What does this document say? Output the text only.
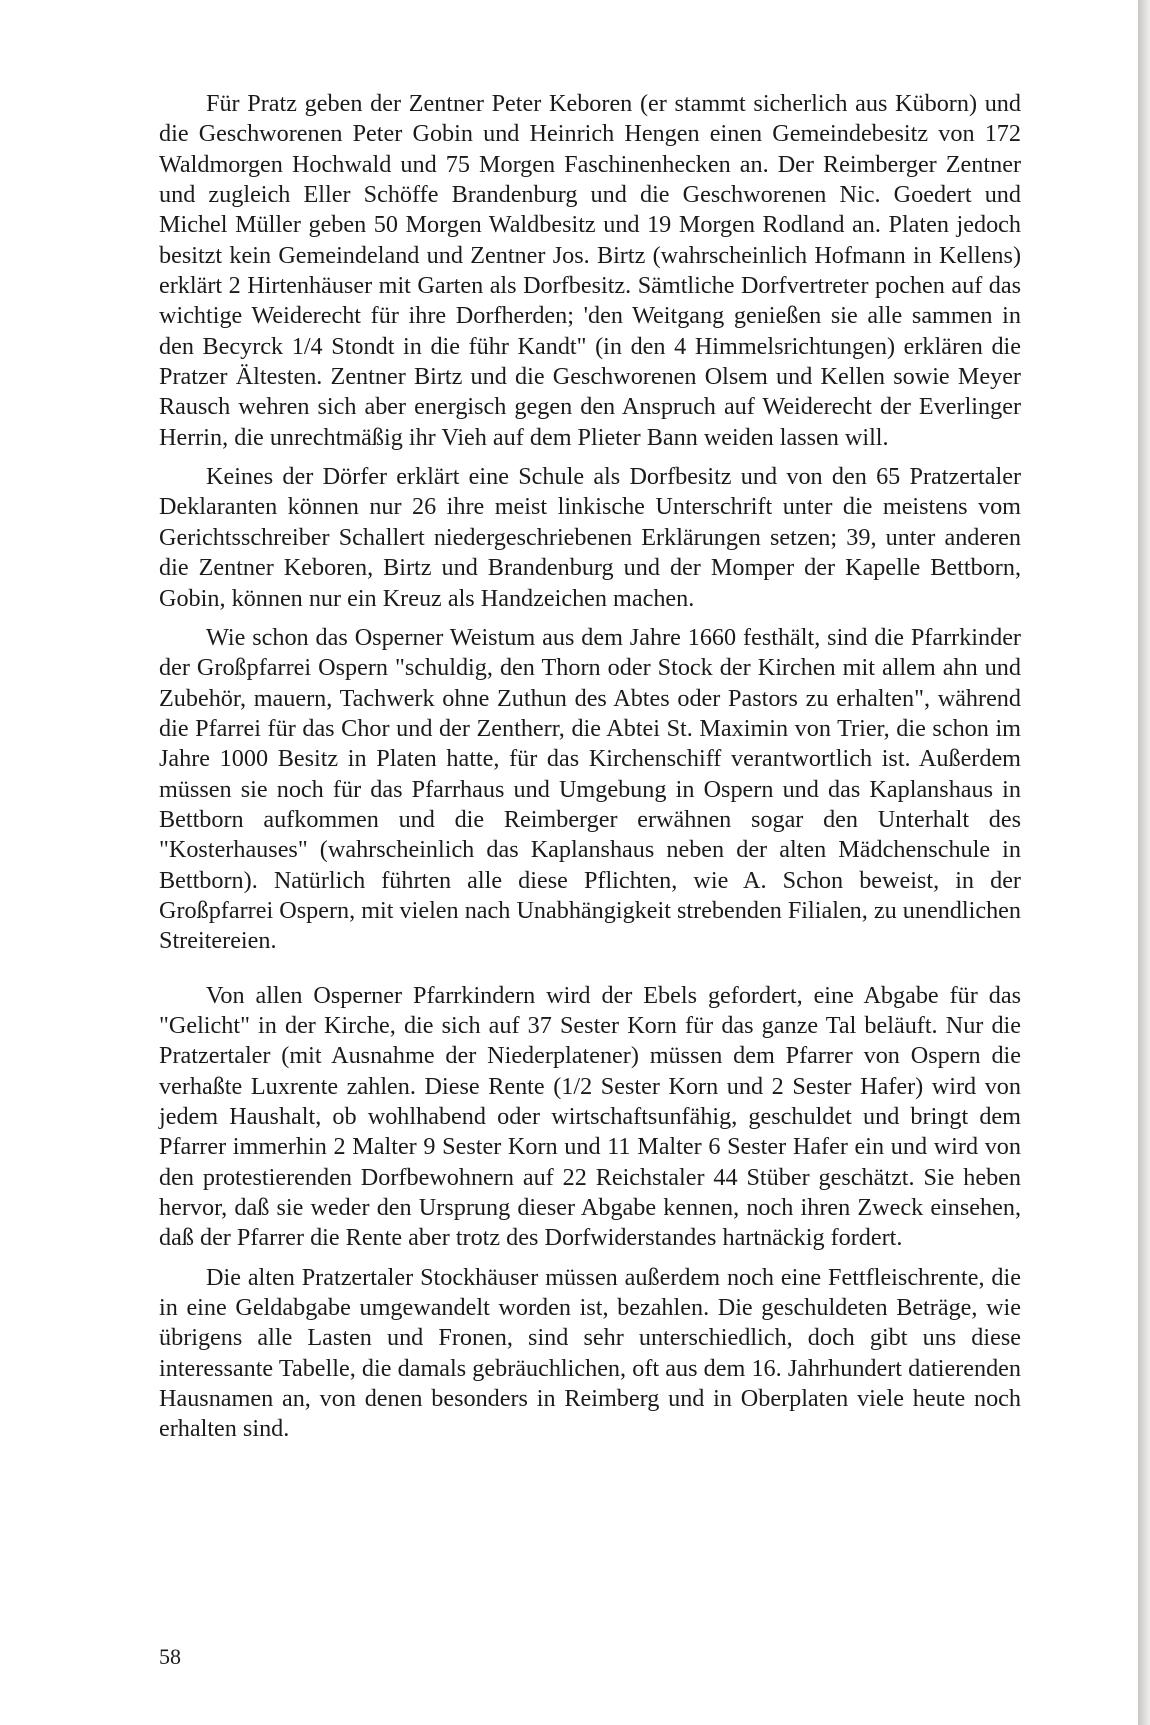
Für Pratz geben der Zentner Peter Keboren (er stammt sicherlich aus Küborn) und die Geschworenen Peter Gobin und Heinrich Hengen einen Gemeindebesitz von 172 Waldmorgen Hochwald und 75 Morgen Faschinenhecken an. Der Reimberger Zentner und zugleich Eller Schöffe Brandenburg und die Geschworenen Nic. Goedert und Michel Müller geben 50 Morgen Waldbesitz und 19 Morgen Rodland an. Platen jedoch besitzt kein Gemeindeland und Zentner Jos. Birtz (wahrscheinlich Hofmann in Kellens) erklärt 2 Hirtenhäuser mit Garten als Dorfbesitz. Sämtliche Dorfvertreter pochen auf das wichtige Weiderecht für ihre Dorfherden; 'den Weitgang genießen sie alle sammen in den Becyrck 1/4 Stondt in die führ Kandt" (in den 4 Himmelsrichtungen) erklären die Pratzer Ältesten. Zentner Birtz und die Geschworenen Olsem und Kellen sowie Meyer Rausch wehren sich aber energisch gegen den Anspruch auf Weiderecht der Everlinger Herrin, die unrechtmäßig ihr Vieh auf dem Plieter Bann weiden lassen will.

Keines der Dörfer erklärt eine Schule als Dorfbesitz und von den 65 Pratzertaler Deklaranten können nur 26 ihre meist linkische Unterschrift unter die meistens vom Gerichtsschreiber Schallert niedergeschriebenen Erklärungen setzen; 39, unter anderen die Zentner Keboren, Birtz und Brandenburg und der Momper der Kapelle Bettborn, Gobin, können nur ein Kreuz als Handzeichen machen.

Wie schon das Osperner Weistum aus dem Jahre 1660 festhält, sind die Pfarrkinder der Großpfarrei Ospern "schuldig, den Thorn oder Stock der Kirchen mit allem ahn und Zubehör, mauern, Tachwerk ohne Zuthun des Abtes oder Pastors zu erhalten", während die Pfarrei für das Chor und der Zentherr, die Abtei St. Maximin von Trier, die schon im Jahre 1000 Besitz in Platen hatte, für das Kirchenschiff verantwortlich ist. Außerdem müssen sie noch für das Pfarrhaus und Umgebung in Ospern und das Kaplanshaus in Bettborn aufkommen und die Reimberger erwähnen sogar den Unterhalt des "Kosterhauses" (wahrscheinlich das Kaplanshaus neben der alten Mädchenschule in Bettborn). Natürlich führten alle diese Pflichten, wie A. Schon beweist, in der Großpfarrei Ospern, mit vielen nach Unabhängigkeit strebenden Filialen, zu unendlichen Streitereien.

Von allen Osperner Pfarrkindern wird der Ebels gefordert, eine Abgabe für das "Gelicht" in der Kirche, die sich auf 37 Sester Korn für das ganze Tal beläuft. Nur die Pratzertaler (mit Ausnahme der Niederplatener) müssen dem Pfarrer von Ospern die verhaßte Luxrente zahlen. Diese Rente (1/2 Sester Korn und 2 Sester Hafer) wird von jedem Haushalt, ob wohlhabend oder wirtschaftsunfähig, geschuldet und bringt dem Pfarrer immerhin 2 Malter 9 Sester Korn und 11 Malter 6 Sester Hafer ein und wird von den protestierenden Dorfbewohnern auf 22 Reichstaler 44 Stüber geschätzt. Sie heben hervor, daß sie weder den Ursprung dieser Abgabe kennen, noch ihren Zweck einsehen, daß der Pfarrer die Rente aber trotz des Dorfwiderstandes hartnäckig fordert.

Die alten Pratzertaler Stockhäuser müssen außerdem noch eine Fettfleischrente, die in eine Geldabgabe umgewandelt worden ist, bezahlen. Die geschuldeten Beträge, wie übrigens alle Lasten und Fronen, sind sehr unterschiedlich, doch gibt uns diese interessante Tabelle, die damals gebräuchlichen, oft aus dem 16. Jahrhundert datierenden Hausnamen an, von denen besonders in Reimberg und in Oberplaten viele heute noch erhalten sind.

58
